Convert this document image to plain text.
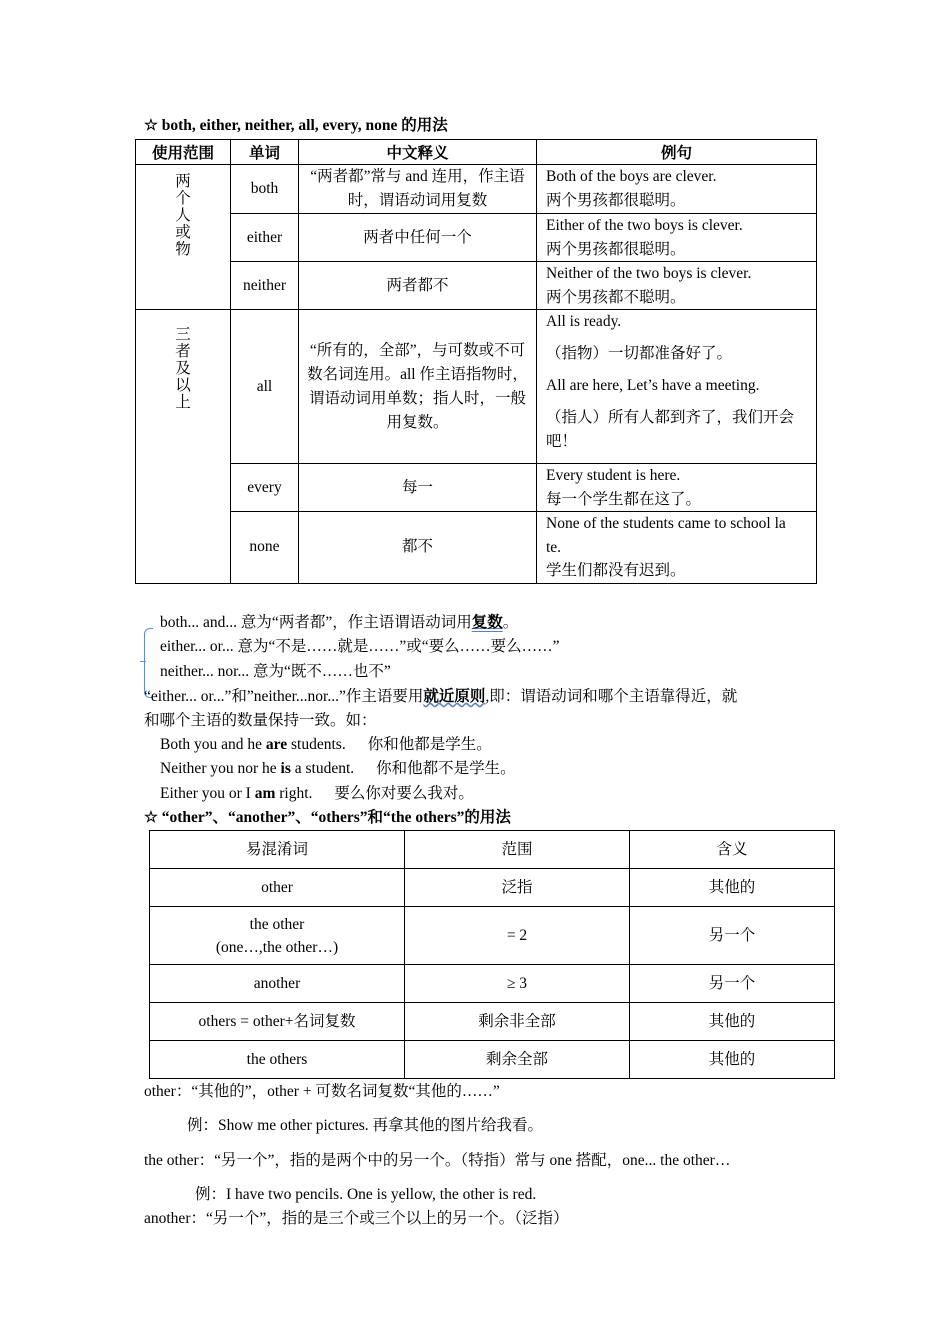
☆ both, either, neither, all, every, none 的用法
使用范围	单词	中文释义	例句
两个人或物	both	“两者都”常与 and 连用，作主语时，谓语动词用复数	Both of the boys are clever.
两个男孩都很聪明。

	either	两者中任何一个	Either of the two boys is clever.
两个男孩都很聪明。

	neither	两者都不	Neither of the two boys is clever.
两个男孩都不聪明。

三者及以上	all	“所有的，全部”，与可数或不可数名词连用。all 作主语指物时，谓语动词用单数；指人时，一般用复数。	All is ready.
（指物）一切都准备好了。
All are here, Let’s have a meeting.
（指人）所有人都到齐了，我们开会吧！

	every	每一	Every student is here.
每一个学生都在这了。

	none	都不	None of the students came to school la
te.
学生们都没有迟到。
both... and... 意为“两者都”，作主语谓语动词用复数。
either... or... 意为“不是……就是……”或“要么……要么……”
neither... nor... 意为“既不……也不”
“either... or...”和”neither...nor...”作主语要用就近原则,即：谓语动词和哪个主语靠得近，就
和哪个主语的数量保持一致。如：
Both you and he are students. 你和他都是学生。
Neither you nor he is a student. 你和他都不是学生。
Either you or I am right. 要么你对要么我对。
☆ “other”、“another”、“others”和“the others”的用法
易混淆词	范围	含义
other	泛指	其他的

the other
(one…,the other…)	= 2	另一个
another	≥ 3	另一个
others = other+名词复数	剩余非全部	其他的
the others	剩余全部	其他的
other：“其他的”，other + 可数名词复数“其他的……”
例：Show me other pictures. 再拿其他的图片给我看。
the other：“另一个”，指的是两个中的另一个。（特指）常与 one 搭配，one... the other…
例：I have two pencils. One is yellow, the other is red.
another：“另一个”，指的是三个或三个以上的另一个。（泛指）
